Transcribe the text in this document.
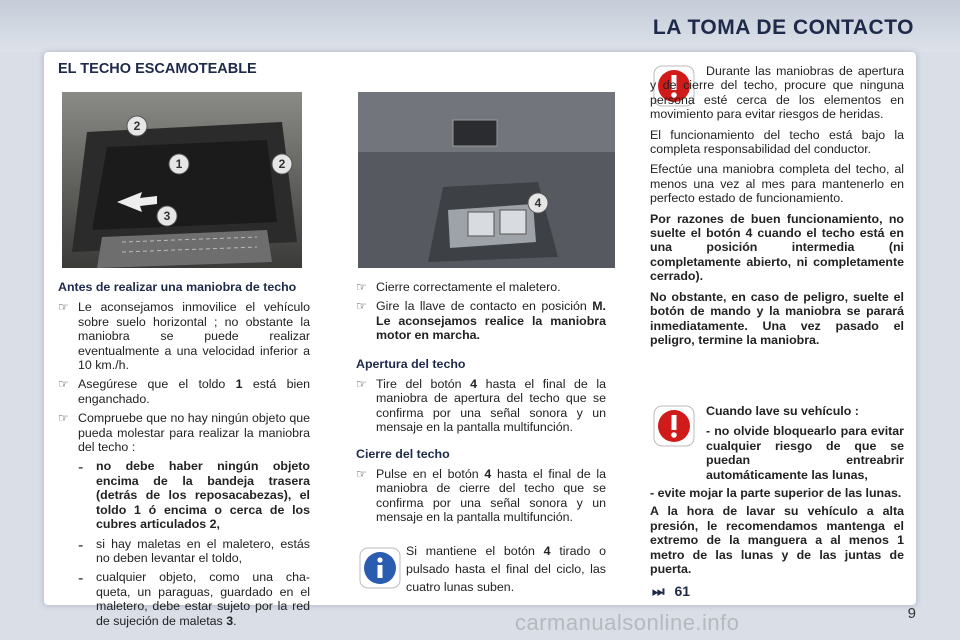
LA TOMA DE CONTACTO
EL TECHO ESCAMOTEABLE
2
1	2
3
4

Antes de realizar una maniobra de techo

☞ Le aconsejamos inmovilice el vehículo sobre suelo horizontal ; no obstante la maniobra se puede realizar eventualmente a una velocidad inferior a 10 km./h.
☞ Asegúrese que el toldo 1 está bien enganchado.
☞ Compruebe que no hay ningún objeto que pueda molestar para realizar la maniobra del techo :
-	no debe haber ningún objeto encima de la bandeja trasera (detrás de los reposacabezas), el toldo 1 ó encima o cerca de los cubres articulados 2,
-	si hay maletas en el maletero, estás no deben levantar el toldo,
-	cualquier objeto, como una cha- queta, un paraguas, guardado en el maletero, debe estar sujeto por la red de sujeción de maletas 3.
☞ Cierre correctamente el maletero.
☞ Gire la llave de contacto en posición M. Le aconsejamos realice la maniobra motor en marcha.

Apertura del techo

☞ Tire del botón 4 hasta el final de la maniobra de apertura del techo que se confirma por una señal sonora y un mensaje en la pantalla multifunción.

Cierre del techo

☞ Pulse en el botón 4 hasta el final de la maniobra de cierre del techo que se confirma por una señal sonora y un mensaje en la pantalla multifunción.
Si mantiene el botón 4 tirado o pulsado hasta el final del ciclo, las cuatro lunas suben.

Durante las maniobras de apertura y de cierre del techo, procure que ninguna persona esté cerca de los elementos en movimiento para evitar riesgos de heridas.

El funcionamiento del techo está bajo la completa responsabilidad del conductor.

Efectúe una maniobra completa del techo, al menos una vez al mes para mantenerlo en perfecto estado de funcionamiento.

Por razones de buen funcionamiento, no suelte el botón 4 cuando el techo está en una posición intermedia (ni completamente abierto, ni completamente cerrado).

No obstante, en caso de peligro, suelte el botón de mando y la maniobra se parará inmediatamente. Una vez pasado el peligro, termine la maniobra.

Cuando lave su vehículo :

- no olvide bloquearlo para evitar cualquier riesgo de que se puedan entreabrir automáticamente las lunas,

- evite mojar la parte superior de las lunas.

A la hora de lavar su vehículo a alta presión, le recomendamos mantenga el extremo de la manguera a al menos 1 metro de las lunas y de las juntas de puerta.

⏭ 61
9
carmanualsonline.info
